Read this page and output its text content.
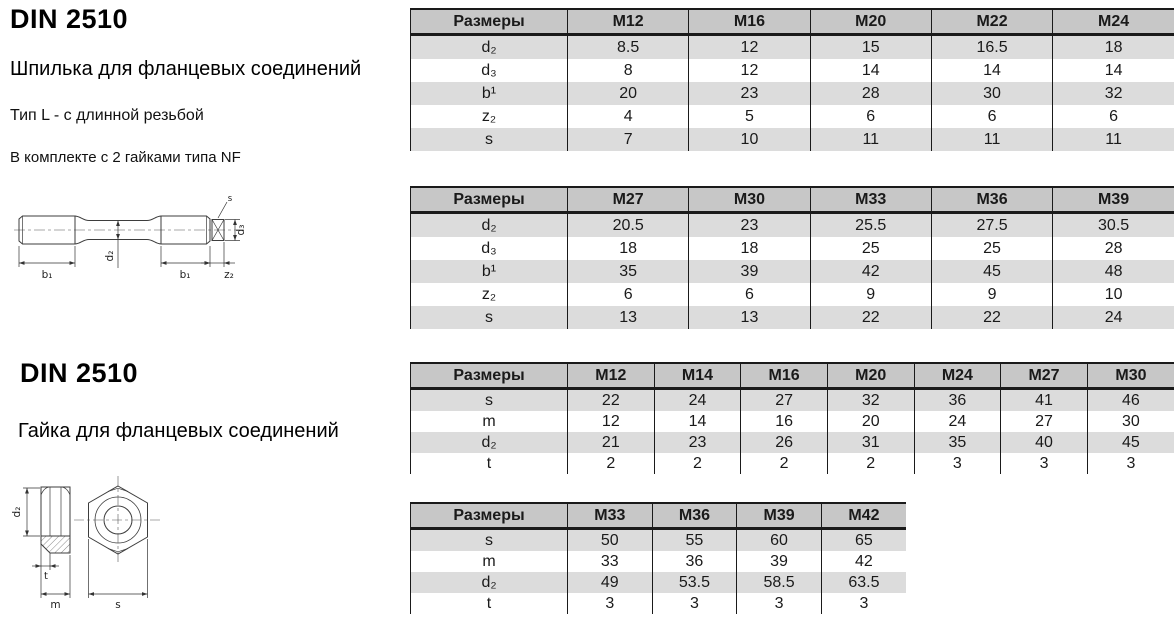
DIN 2510
Шпилька для фланцевых соединений
Тип L - с длинной резьбой
В комплекте с 2 гайками типа NF
b₁	b₁	z₂
d₂
d₃
s
DIN 2510
Гайка для фланцевых соединений
d₂
t
m	s
Размеры	M12	M16	M20	M22	M24
d₂	8.5	12	15	16.5	18
d₃	8	12	14	14	14
b¹	20	23	28	30	32
z₂	4	5	6	6	6
s	7	10	11	11	11
Размеры	M27	M30	M33	M36	M39
d₂	20.5	23	25.5	27.5	30.5
d₃	18	18	25	25	28
b¹	35	39	42	45	48
z₂	6	6	9	9	10
s	13	13	22	22	24
Размеры	M12	M14	M16	M20	M24	M27	M30
s	22	24	27	32	36	41	46
m	12	14	16	20	24	27	30
d₂	21	23	26	31	35	40	45
t	2	2	2	2	3	3	3
Размеры	M33	M36	M39	M42
s	50	55	60	65
m	33	36	39	42
d₂	49	53.5	58.5	63.5
t	3	3	3	3
